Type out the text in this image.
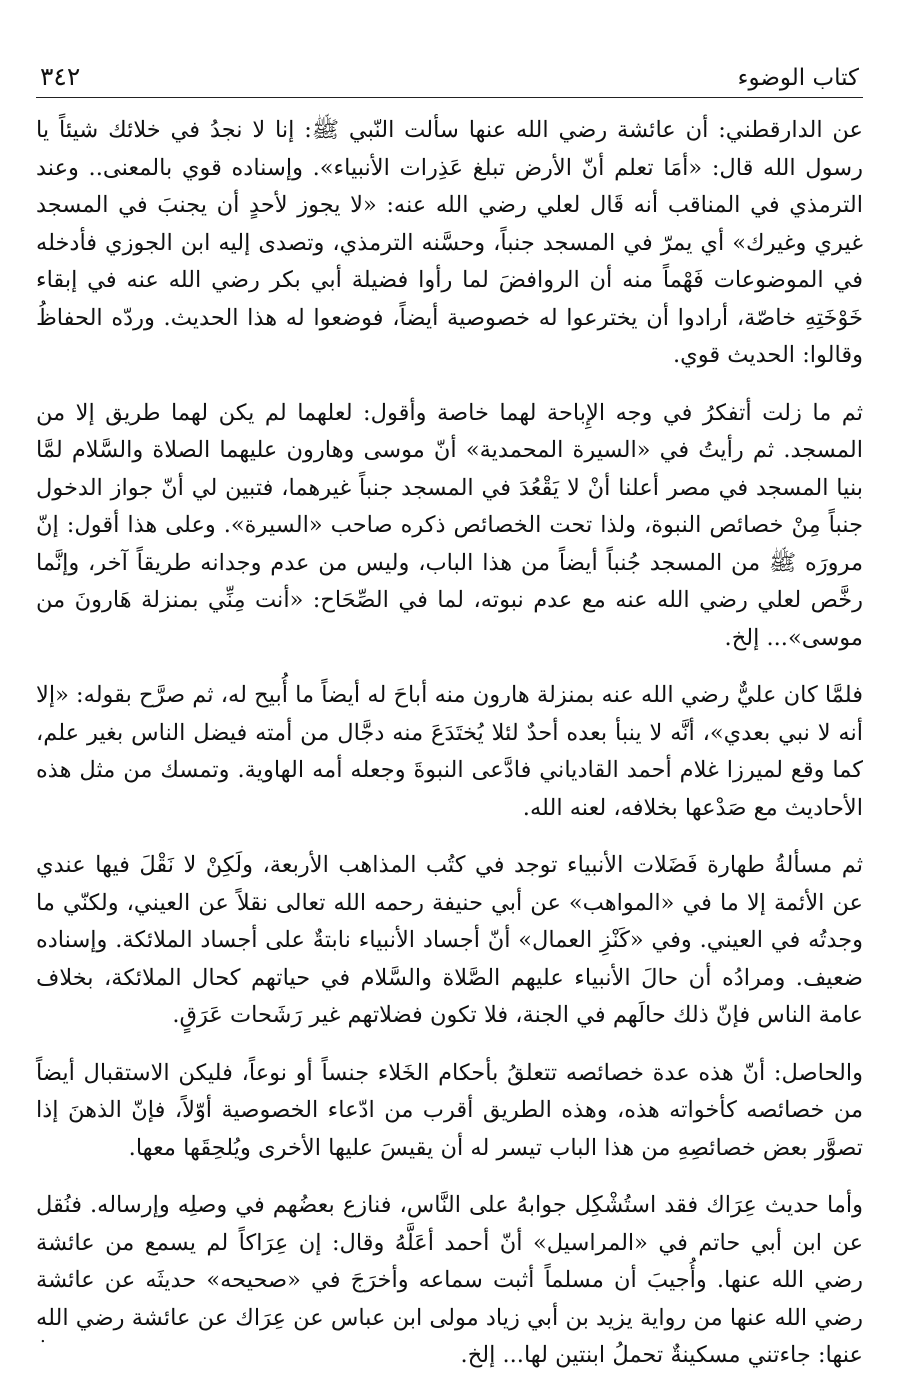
٣٤٢	كتاب الوضوء

عن الدارقطني: أن عائشة رضي الله عنها سألت النّبي ﷺ: إنا لا نجدُ في خلائك شيئاً يا رسول الله قال: «أمَا تعلم أنّ الأرض تبلغ عَذِرات الأنبياء». وإسناده قوي بالمعنى.. وعند الترمذي في المناقب أنه قَال لعلي رضي الله عنه: «لا يجوز لأحدٍ أن يجنبَ في المسجد غيري وغيرك» أي يمرّ في المسجد جنباً، وحسَّنه الترمذي، وتصدى إليه ابن الجوزي فأدخله في الموضوعات فَهْماً منه أن الروافضَ لما رأوا فضيلة أبي بكر رضي الله عنه في إبقاء خَوْخَتِهِ خاصّة، أرادوا أن يخترعوا له خصوصية أيضاً، فوضعوا له هذا الحديث. وردّه الحفاظُ وقالوا: الحديث قوي.

ثم ما زلت أتفكرُ في وجه الإِباحة لهما خاصة وأقول: لعلهما لم يكن لهما طريق إلا من المسجد. ثم رأيتُ في «السيرة المحمدية» أنّ موسى وهارون عليهما الصلاة والسَّلام لمَّا بنيا المسجد في مصر أعلنا أنْ لا يَقْعُدَ في المسجد جنباً غيرهما، فتبين لي أنّ جواز الدخول جنباً مِنْ خصائص النبوة، ولذا تحت الخصائص ذكره صاحب «السيرة». وعلى هذا أقول: إنّ مرورَه ﷺ من المسجد جُنباً أيضاً من هذا الباب، وليس من عدم وجدانه طريقاً آخر، وإنَّما رخَّص لعلي رضي الله عنه مع عدم نبوته، لما في الصِّحَاح: «أنت مِنِّي بمنزلة هَارونَ من موسى»... إلخ.

فلمَّا كان عليٌّ رضي الله عنه بمنزلة هارون منه أباحَ له أيضاً ما أُبيح له، ثم صرَّح بقوله: «إلا أنه لا نبي بعدي»، أنَّه لا ينبأ بعده أحدٌ لئلا يُختَدَعَ منه دجَّال من أمته فيضل الناس بغير علم، كما وقع لميرزا غلام أحمد القادياني فادَّعى النبوةَ وجعله أمه الهاوية. وتمسك من مثل هذه الأحاديث مع صَدْعها بخلافه، لعنه الله.

ثم مسألةُ طهارة فَضَلات الأنبياء توجد في كتُب المذاهب الأربعة، ولَكِنْ لا نَقْلَ فيها عندي عن الأئمة إلا ما في «المواهب» عن أبي حنيفة رحمه الله تعالى نقلاً عن العيني، ولكنّي ما وجدتُه في العيني. وفي «كَنْزِ العمال» أنّ أجساد الأنبياء نابتةٌ على أجساد الملائكة. وإسناده ضعيف. ومرادُه أن حالَ الأنبياء عليهم الصَّلاة والسَّلام في حياتهم كحال الملائكة، بخلاف عامة الناس فإنّ ذلك حالَهم في الجنة، فلا تكون فضلاتهم غير رَشَحات عَرَقٍ.

والحاصل: أنّ هذه عدة خصائصه تتعلقُ بأحكام الخَلاء جنساً أو نوعاً، فليكن الاستقبال أيضاً من خصائصه كأخواته هذه، وهذه الطريق أقرب من ادّعاء الخصوصية أوّلاً، فإنّ الذهنَ إذا تصوَّر بعض خصائصِهِ من هذا الباب تيسر له أن يقيسَ عليها الأخرى ويُلحِقَها معها.

وأما حديث عِرَاك فقد استُشْكِل جوابهُ على النَّاس، فنازع بعضُهم في وصلِه وإرساله. فنُقل عن ابن أبي حاتم في «المراسيل» أنّ أحمد أعَلَّهُ وقال: إن عِرَاكاً لم يسمع من عائشة رضي الله عنها. وأُجيبَ أن مسلماً أثبت سماعه وأخرَجَ في «صحيحه» حديثَه عن عائشة رضي الله عنها من رواية يزيد بن أبي زياد مولى ابن عباس عن عِرَاك عن عائشة رضي الله عنها: جاءتني مسكينةٌ تحملُ ابنتين لها... إلخ.

.
